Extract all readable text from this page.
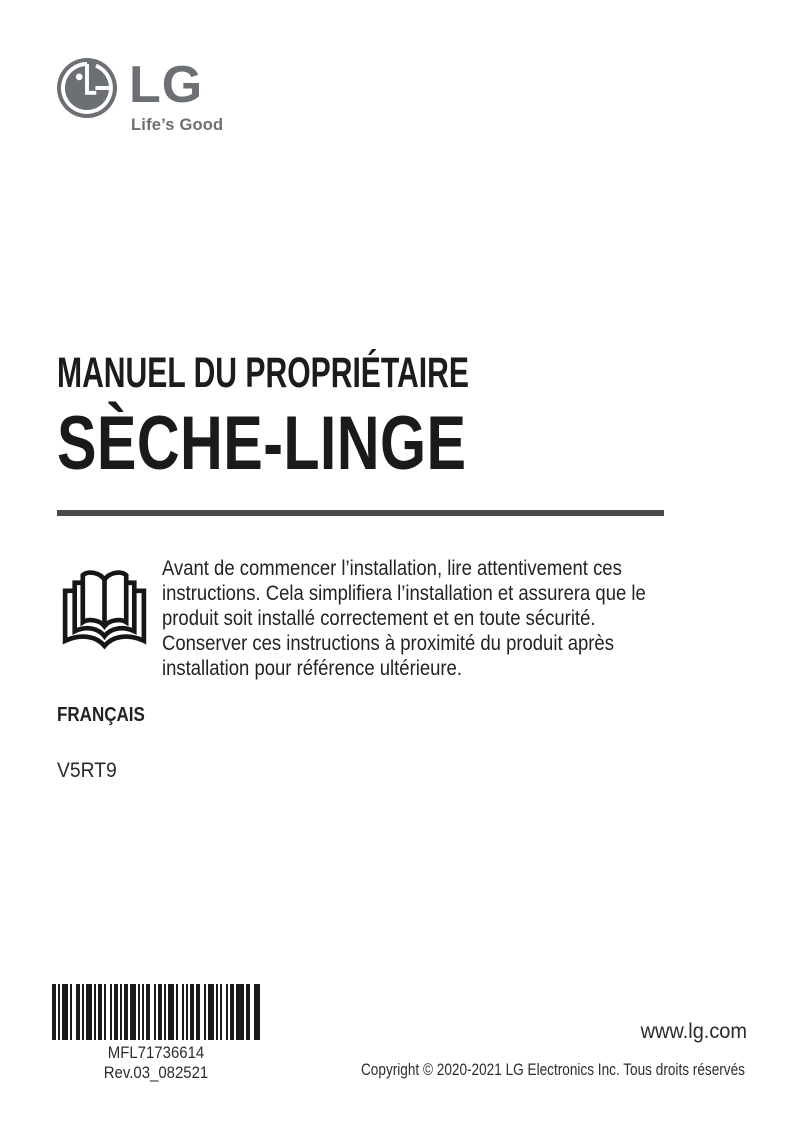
LG
Life’s Good
MANUEL DU PROPRIÉTAIRE
SÈCHE-LINGE
Avant de commencer l’installation, lire attentivement ces
instructions. Cela simplifiera l’installation et assurera que le
produit soit installé correctement et en toute sécurité.
Conserver ces instructions à proximité du produit après
installation pour référence ultérieure.
FRANÇAIS
V5RT9
MFL71736614
Rev.03_082521
www.lg.com
Copyright © 2020-2021 LG Electronics Inc. Tous droits réservés
